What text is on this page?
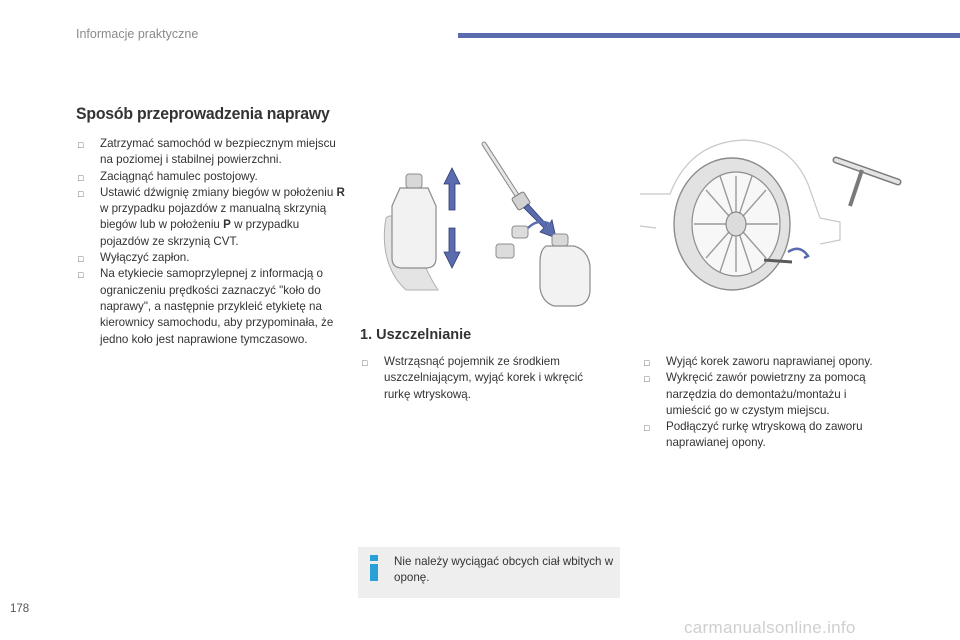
Informacje praktyczne
Sposób przeprowadzenia naprawy
□	Zatrzymać samochód w bezpiecznym miejscu na poziomej i stabilnej powierzchni.
□	Zaciągnąć hamulec postojowy.
□	Ustawić dźwignię zmiany biegów w położeniu R w przypadku pojazdów z manualną skrzynią biegów lub w położeniu P w przypadku pojazdów ze skrzynią CVT.
□	Wyłączyć zapłon.
□	Na etykiecie samoprzylepnej z informacją o ograniczeniu prędkości zaznaczyć "koło do naprawy", a następnie przykleić etykietę na kierownicy samochodu, aby przypominała, że jedno koło jest naprawione tymczasowo.	1. Uszczelnianie
□	Wstrząsnąć pojemnik ze środkiem uszczelniającym, wyjąć korek i wkręcić rurkę wtryskową.
□	Wyjąć korek zaworu naprawianej opony.
□	Wykręcić zawór powietrzny za pomocą narzędzia do demontażu/montażu i umieścić go w czystym miejscu.
□	Podłączyć rurkę wtryskową do zaworu naprawianej opony.
Nie należy wyciągać obcych ciał wbitych w oponę.
178
carmanualsonline.info
